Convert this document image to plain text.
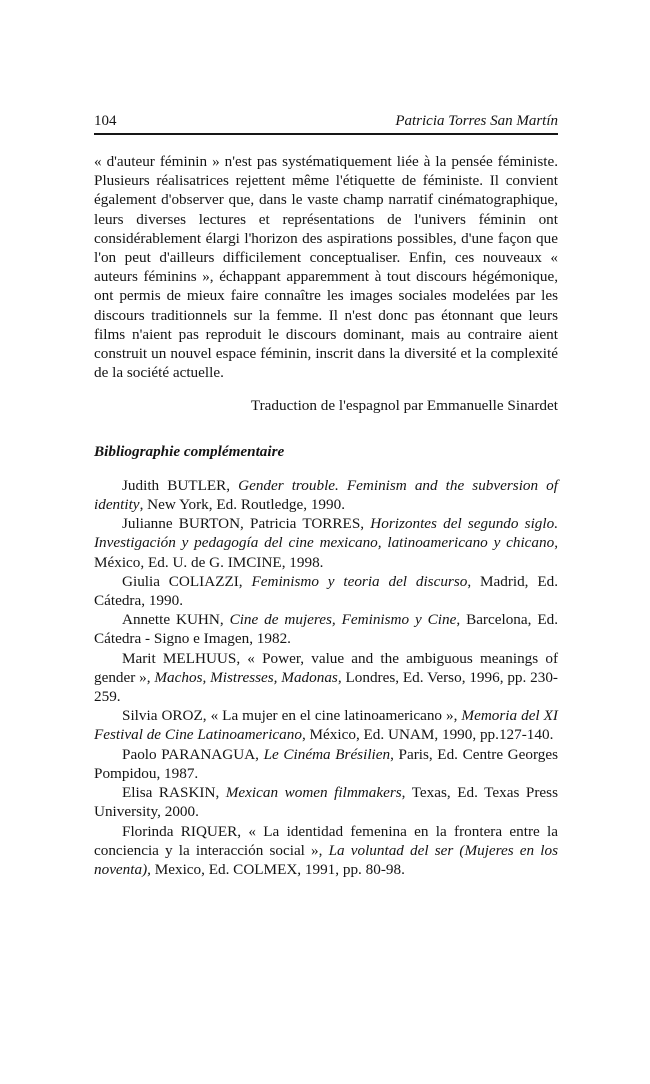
104	Patricia Torres San Martín

« d'auteur féminin » n'est pas systématiquement liée à la pensée féministe. Plusieurs réalisatrices rejettent même l'étiquette de féministe. Il convient également d'observer que, dans le vaste champ narratif cinématographique, leurs diverses lectures et représentations de l'univers féminin ont considérablement élargi l'horizon des aspirations possibles, d'une façon que l'on peut d'ailleurs difficilement conceptualiser. Enfin, ces nouveaux « auteurs féminins », échappant apparemment à tout discours hégémonique, ont permis de mieux faire connaître les images sociales modelées par les discours traditionnels sur la femme. Il n'est donc pas étonnant que leurs films n'aient pas reproduit le discours dominant, mais au contraire aient construit un nouvel espace féminin, inscrit dans la diversité et la complexité de la société actuelle.

Traduction de l'espagnol par Emmanuelle Sinardet

Bibliographie complémentaire

Judith BUTLER, Gender trouble. Feminism and the subversion of identity, New York, Ed. Routledge, 1990.

Julianne BURTON, Patricia TORRES, Horizontes del segundo siglo. Investigación y pedagogía del cine mexicano, latinoamericano y chicano, México, Ed. U. de G. IMCINE, 1998.

Giulia COLIAZZI, Feminismo y teoria del discurso, Madrid, Ed. Cátedra, 1990.

Annette KUHN, Cine de mujeres, Feminismo y Cine, Barcelona, Ed. Cátedra - Signo e Imagen, 1982.

Marit MELHUUS, « Power, value and the ambiguous meanings of gender », Machos, Mistresses, Madonas, Londres, Ed. Verso, 1996, pp. 230-259.

Silvia OROZ, « La mujer en el cine latinoamericano », Memoria del XI Festival de Cine Latinoamericano, México, Ed. UNAM, 1990, pp.127-140.

Paolo PARANAGUA, Le Cinéma Brésilien, Paris, Ed. Centre Georges Pompidou, 1987.

Elisa RASKIN, Mexican women filmmakers, Texas, Ed. Texas Press University, 2000.

Florinda RIQUER, « La identidad femenina en la frontera entre la conciencia y la interacción social », La voluntad del ser (Mujeres en los noventa), Mexico, Ed. COLMEX, 1991, pp. 80-98.
